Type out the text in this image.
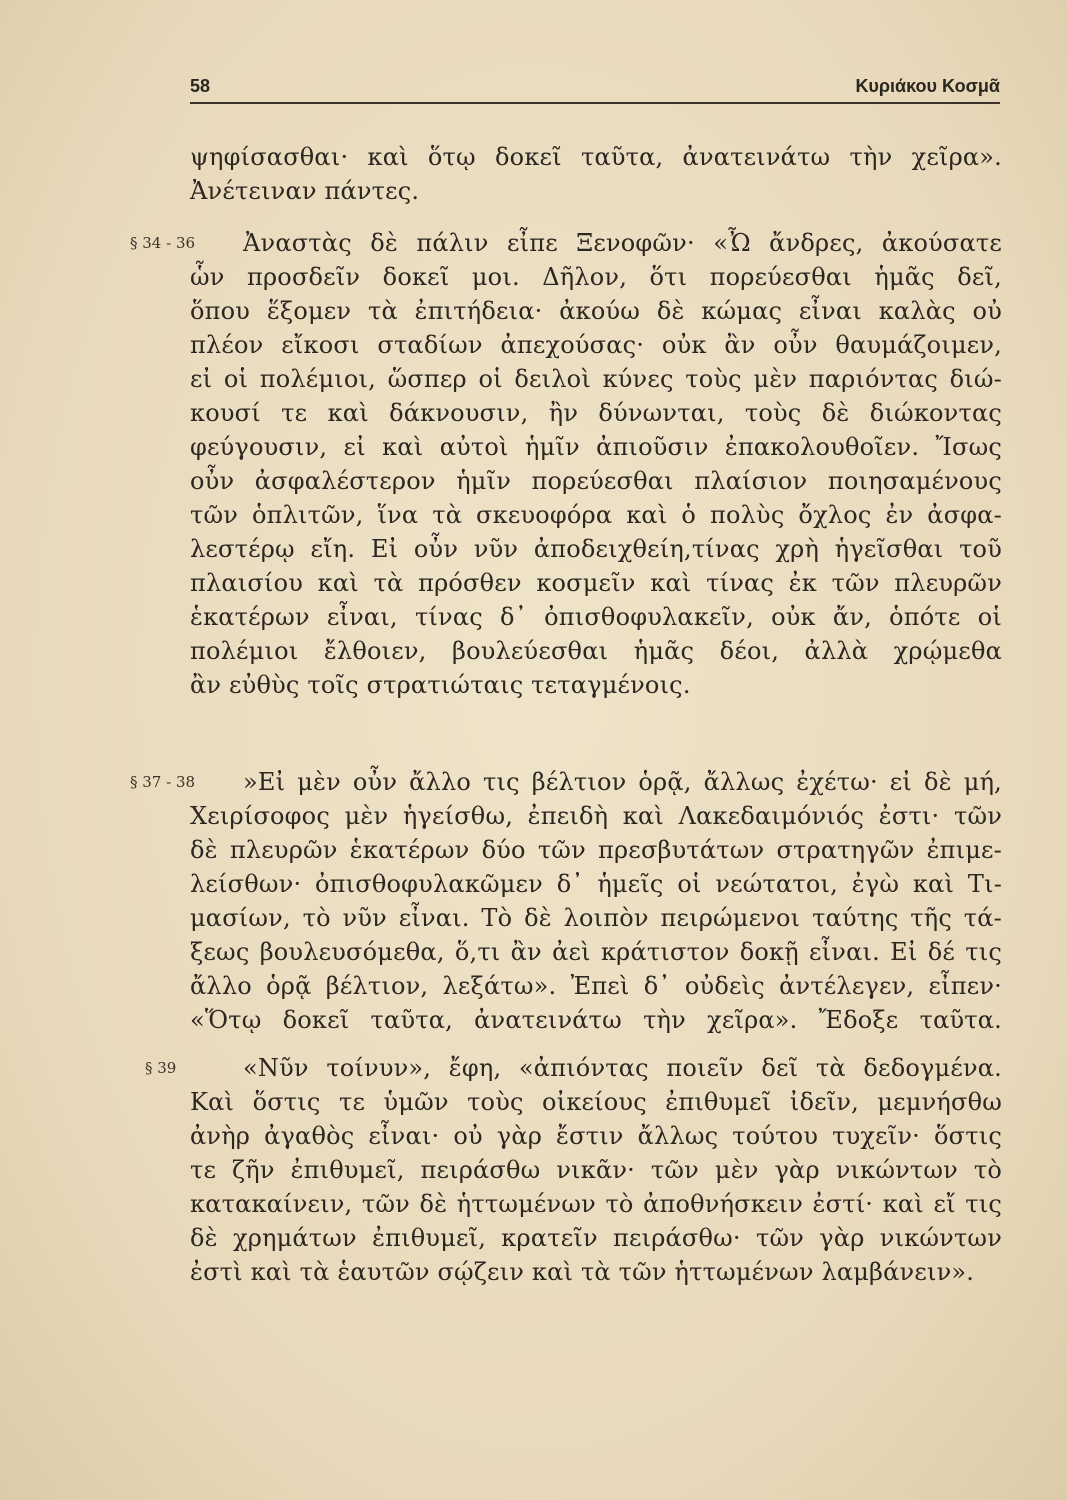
58	Κυριάκου Κοσμᾶ
ψηφίσασθαι· καὶ ὅτῳ δοκεῖ ταῦτα, ἀνατεινάτω τὴν χεῖρα».
Ἀνέτειναν πάντες.
§ 34 - 36 Ἀναστὰς δὲ πάλιν εἶπε Ξενοφῶν· «Ὦ ἄνδρες, ἀκούσατε
ὧν προσδεῖν δοκεῖ μοι. Δῆλον, ὅτι πορεύεσθαι ἡμᾶς δεῖ,
ὅπου ἕξομεν τὰ ἐπιτήδεια· ἀκούω δὲ κώμας εἶναι καλὰς οὐ
πλέον εἴκοσι σταδίων ἀπεχούσας· οὐκ ἂν οὖν θαυμάζοιμεν,
εἰ οἱ πολέμιοι, ὥσπερ οἱ δειλοὶ κύνες τοὺς μὲν παριόντας διώ-
κουσί τε καὶ δάκνουσιν, ἢν δύνωνται, τοὺς δὲ διώκοντας
φεύγουσιν, εἰ καὶ αὐτοὶ ἡμῖν ἀπιοῦσιν ἐπακολουθοῖεν. Ἴσως
οὖν ἀσφαλέστερον ἡμῖν πορεύεσθαι πλαίσιον ποιησαμένους
τῶν ὁπλιτῶν, ἵνα τὰ σκευοφόρα καὶ ὁ πολὺς ὄχλος ἐν ἀσφα-
λεστέρῳ εἴη. Εἰ οὖν νῦν ἀποδειχθείη,τίνας χρὴ ἡγεῖσθαι τοῦ
πλαισίου καὶ τὰ πρόσθεν κοσμεῖν καὶ τίνας ἐκ τῶν πλευρῶν
ἑκατέρων εἶναι, τίνας δ᾽ ὀπισθοφυλακεῖν, οὐκ ἄν, ὁπότε οἱ
πολέμιοι ἔλθοιεν, βουλεύεσθαι ἡμᾶς δέοι, ἀλλὰ χρῴμεθα
ἂν εὐθὺς τοῖς στρατιώταις τεταγμένοις.
§ 37 - 38 »Εἰ μὲν οὖν ἄλλο τις βέλτιον ὁρᾷ, ἄλλως ἐχέτω· εἰ δὲ μή,
Χειρίσοφος μὲν ἡγείσθω, ἐπειδὴ καὶ Λακεδαιμόνιός ἐστι· τῶν
δὲ πλευρῶν ἑκατέρων δύο τῶν πρεσβυτάτων στρατηγῶν ἐπιμε-
λείσθων· ὀπισθοφυλακῶμεν δ᾽ ἡμεῖς οἱ νεώτατοι, ἐγὼ καὶ Τι-
μασίων, τὸ νῦν εἶναι. Τὸ δὲ λοιπὸν πειρώμενοι ταύτης τῆς τά-
ξεως βουλευσόμεθα, ὅ,τι ἂν ἀεὶ κράτιστον δοκῇ εἶναι. Εἰ δέ τις
ἄλλο ὁρᾷ βέλτιον, λεξάτω». Ἐπεὶ δ᾽ οὐδεὶς ἀντέλεγεν, εἶπεν·
«Ὅτῳ δοκεῖ ταῦτα, ἀνατεινάτω τὴν χεῖρα». Ἔδοξε ταῦτα.
§ 39	«Νῦν τοίνυν», ἔφη, «ἀπιόντας ποιεῖν δεῖ τὰ δεδογμένα.
Καὶ ὅστις τε ὑμῶν τοὺς οἰκείους ἐπιθυμεῖ ἰδεῖν, μεμνήσθω
ἀνὴρ ἀγαθὸς εἶναι· οὐ γὰρ ἔστιν ἄλλως τούτου τυχεῖν· ὅστις
τε ζῆν ἐπιθυμεῖ, πειράσθω νικᾶν· τῶν μὲν γὰρ νικώντων τὸ
κατακαίνειν, τῶν δὲ ἡττωμένων τὸ ἀποθνήσκειν ἐστί· καὶ εἴ τις
δὲ χρημάτων ἐπιθυμεῖ, κρατεῖν πειράσθω· τῶν γὰρ νικώντων
ἐστὶ καὶ τὰ ἑαυτῶν σῴζειν καὶ τὰ τῶν ἡττωμένων λαμβάνειν».
